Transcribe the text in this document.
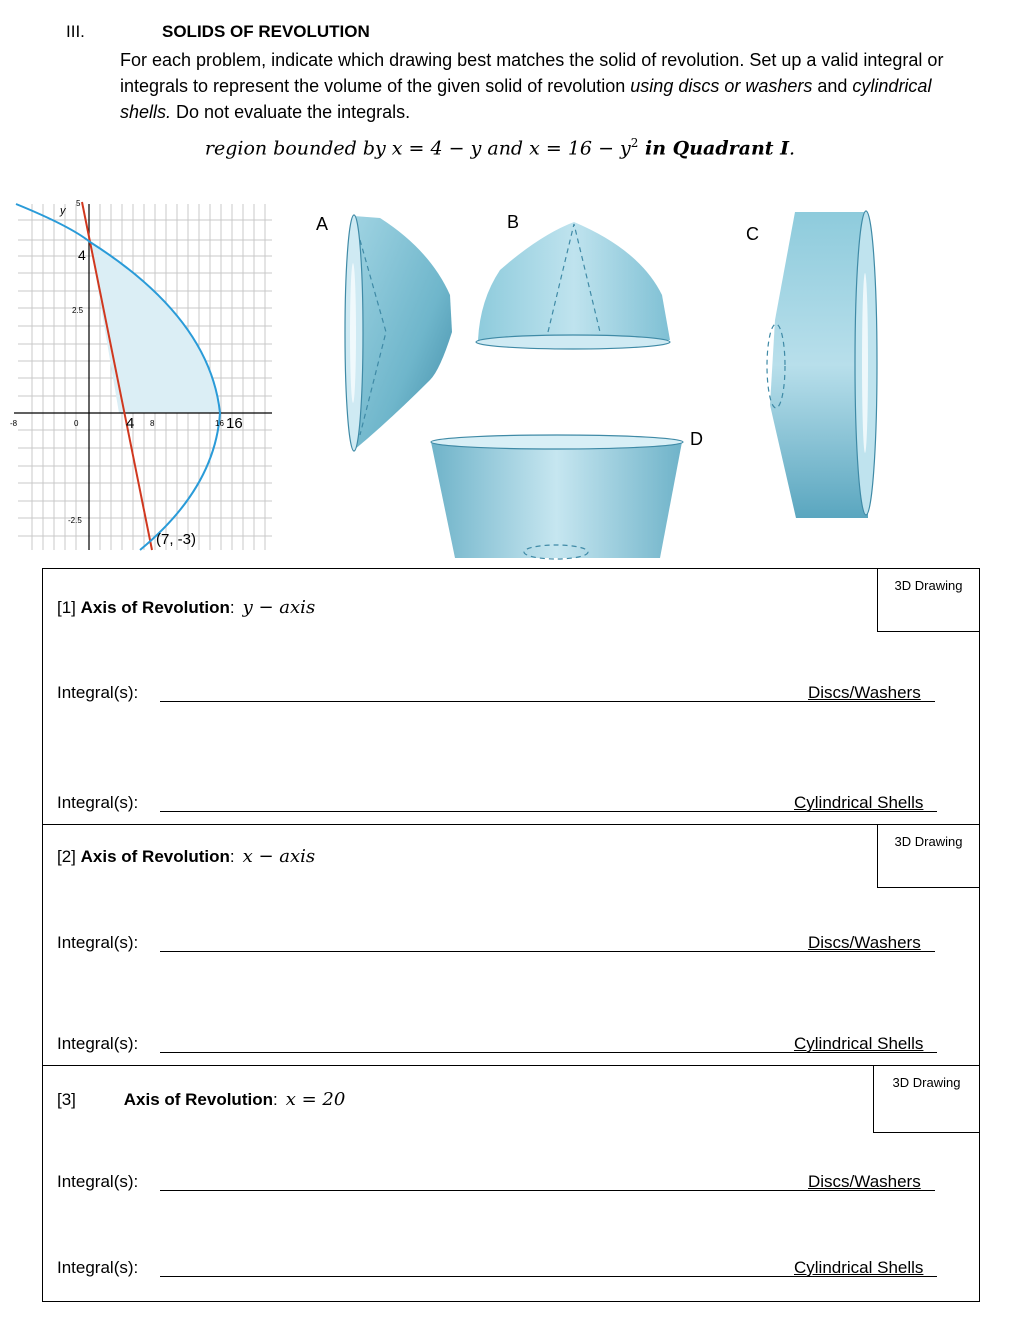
III.	SOLIDS OF REVOLUTION
For each problem, indicate which drawing best matches the solid of revolution. Set up a valid integral or integrals to represent the volume of the given solid of revolution using discs or washers and cylindrical shells. Do not evaluate the integrals.
region bounded by x = 4 − y and $x = 16 - y^2$ in Quadrant I.
y
5
4
2.5
-8	0	4 8	16 16
-2.5
(7, -3)
A	B
C
D
3D Drawing
[1] Axis of Revolution: y − axis
Integral(s):	Discs/Washers
Integral(s):	Cylindrical Shells
3D Drawing
[2] Axis of Revolution: x − axis
Integral(s):	Discs/Washers
Integral(s):	Cylindrical Shells
3D Drawing
[3]	Axis of Revolution: x = 20
Integral(s):	Discs/Washers
Integral(s):	Cylindrical Shells
